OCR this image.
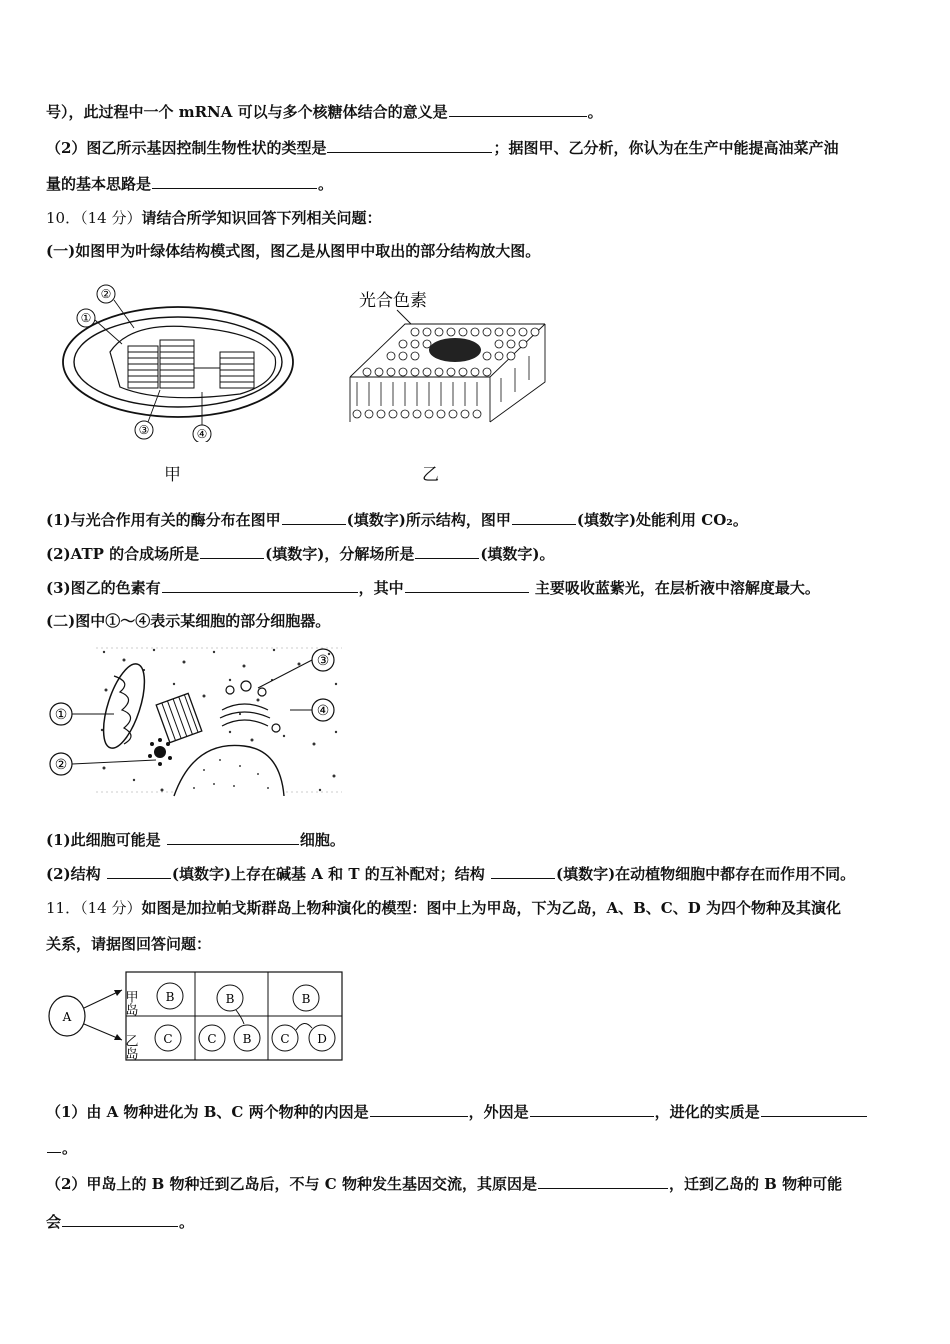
号），此过程中一个 mRNA 可以与多个核糖体结合的意义是	。
（2）图乙所示基因控制生物性状的类型是	；据图甲、乙分析，你认为在生产中能提高油菜产油
量的基本思路是	。
10．（14 分）请结合所学知识回答下列相关问题：
(一)如图甲为叶绿体结构模式图，图乙是从图甲中取出的部分结构放大图。
①
②
③	④
甲
光合色素
乙
(1)与光合作用有关的酶分布在图甲	(填数字)所示结构，图甲	(填数字)处能利用 CO₂。
(2)ATP 的合成场所是	(填数字)，分解场所是	(填数字)。
(3)图乙的色素有	，其中	主要吸收蓝紫光，在层析液中溶解度最大。
(二)图中①～④表示某细胞的部分细胞器。
①
②
③
④
(1)此细胞可能是	细胞。
(2)结构	(填数字)上存在碱基 A 和 T 的互补配对；结构	(填数字)在动植物细胞中都存在而作用不同。
11．（14 分）如图是加拉帕戈斯群岛上物种演化的模型：图中上为甲岛，下为乙岛，A、B、C、D 为四个物种及其演化
关系，请据图回答问题：
A
甲岛
乙岛
B
C
B
C B
B
C D
（1）由 A 物种进化为 B、C 两个物种的内因是	，外因是	，进化的实质是
。
（2）甲岛上的 B 物种迁到乙岛后，不与 C 物种发生基因交流，其原因是	，迁到乙岛的 B 物种可能
会	。
